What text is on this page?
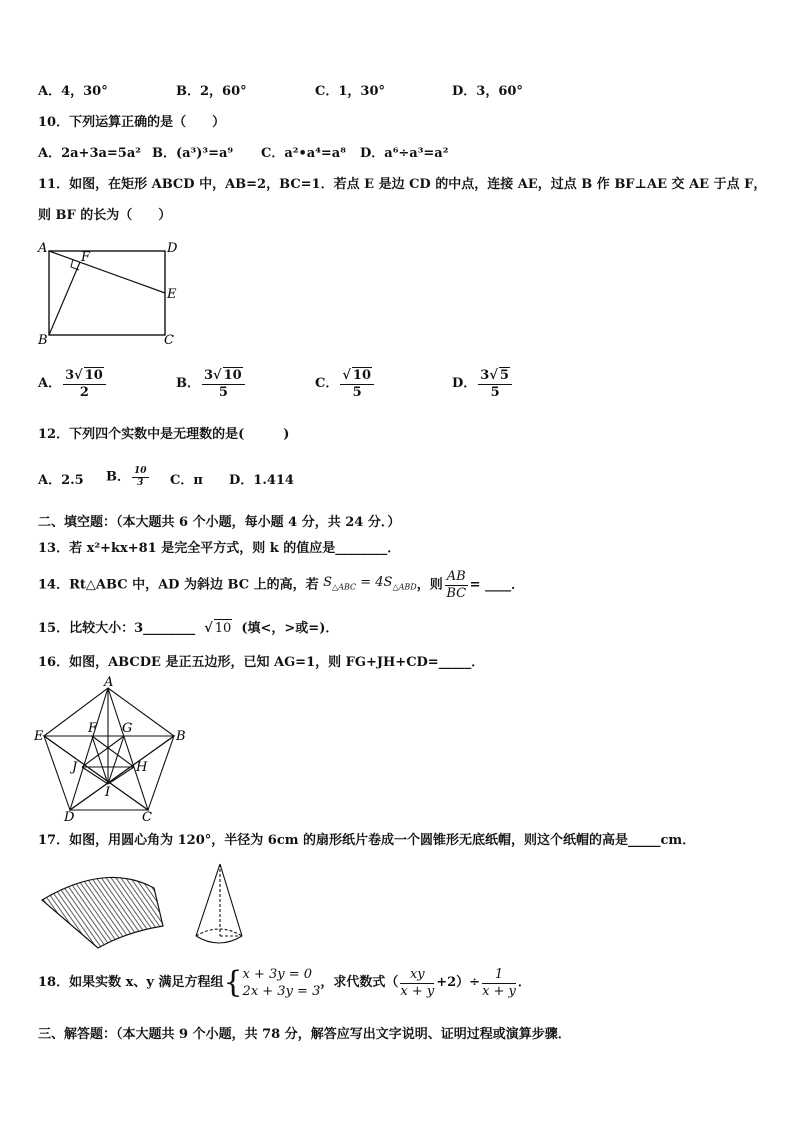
A．4，30°	B．2，60°	C．1，30°	D．3，60°
10．下列运算正确的是（　　）
A．2a+3a=5a² B．(a³)³=a⁹ C．a²•a⁴=a⁸ D．a⁶÷a³=a²
11．如图，在矩形 ABCD 中，AB=2，BC=1．若点 E 是边 CD 的中点，连接 AE，过点 B 作 BF⊥AE 交 AE 于点 F，
则 BF 的长为（　　）
A	D
F
E
B	C
A． $\frac{3√ 10}{2}$	B． $\frac{3√ 10}{5}$	C． $\frac{√ 10}{5}$	D． $\frac{3√ 5}{5}$
12．下列四个实数中是无理数的是(　　　)
A．2.5 B． $\frac{10}{3}$ C．π D．1.414
二、填空题：（本大题共 6 个小题，每小题 4 分，共 24 分．）
13．若 x²+kx+81 是完全平方式，则 k 的值应是________．
14．Rt△ABC 中，AD 为斜边 BC 上的高，若 $S_{\triangle ABC} = 4S_{\triangle ABD}$，则 $\frac{AB}{BC}$ = ____．
15．比较大小：3________  √ 10 (填<，>或=)．
16．如图，ABCDE 是正五边形，已知 AG=1，则 FG+JH+CD=_____．
A
B
C
D
E
F G
H
I
J
17．如图，用圆心角为 120°，半径为 6cm 的扇形纸片卷成一个圆锥形无底纸帽，则这个纸帽的高是_____cm．
18．如果实数 x、y 满足方程组{ x + 3y = 0
2x + 3y = 3
，求代数式（ $\frac{xy}{x + y} +2)\div \frac{1}{x + y}$ ．
三、解答题：（本大题共 9 个小题，共 78 分，解答应写出文字说明、证明过程或演算步骤．
